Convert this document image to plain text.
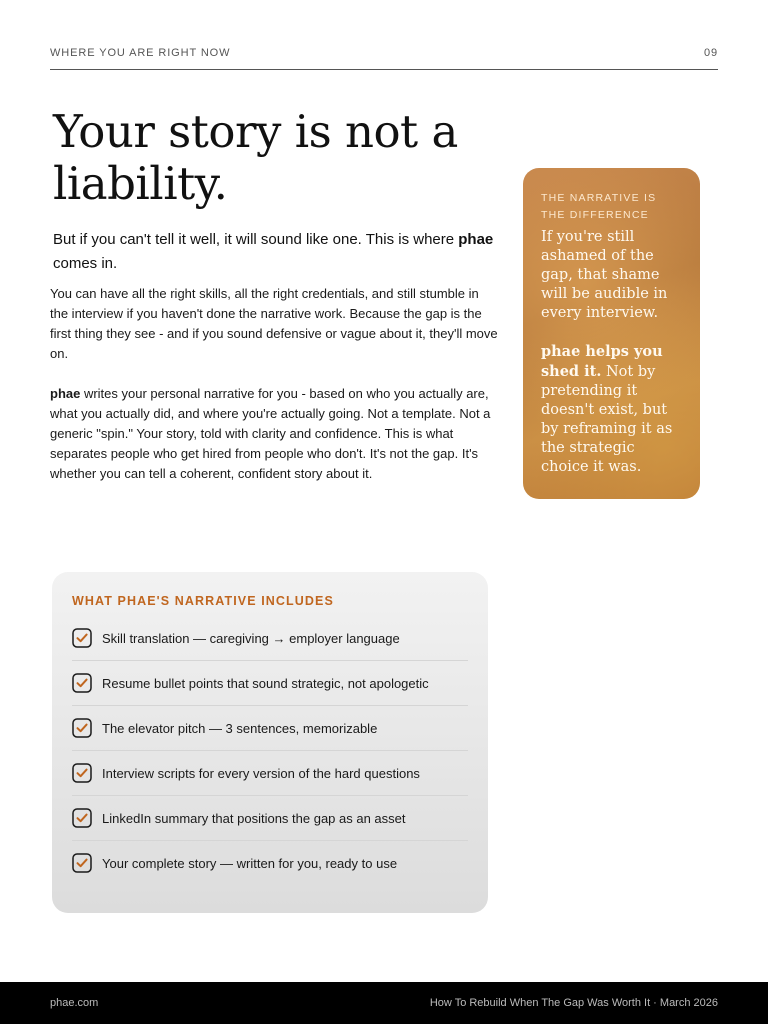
WHERE YOU ARE RIGHT NOW	09
Your story is not a liability.

But if you can't tell it well, it will sound like one. This is where phae comes in.

You can have all the right skills, all the right credentials, and still stumble in the interview if you haven't done the narrative work. Because the gap is the first thing they see - and if you sound defensive or vague about it, they'll move on.

phae writes your personal narrative for you - based on who you actually are, what you actually did, and where you're actually going. Not a template. Not a generic "spin." Your story, told with clarity and confidence. This is what separates people who get hired from people who don't. It's not the gap. It's whether you can tell a coherent, confident story about it.

THE NARRATIVE IS THE DIFFERENCE

If you're still ashamed of the gap, that shame will be audible in every interview.

phae helps you shed it. Not by pretending it doesn't exist, but by reframing it as the strategic choice it was.

WHAT PHAE'S NARRATIVE INCLUDES
Skill translation — caregiving → employer language
Resume bullet points that sound strategic, not apologetic
The elevator pitch — 3 sentences, memorizable
Interview scripts for every version of the hard questions
LinkedIn summary that positions the gap as an asset
Your complete story — written for you, ready to use
phae.com	How To Rebuild When The Gap Was Worth It · March 2026
